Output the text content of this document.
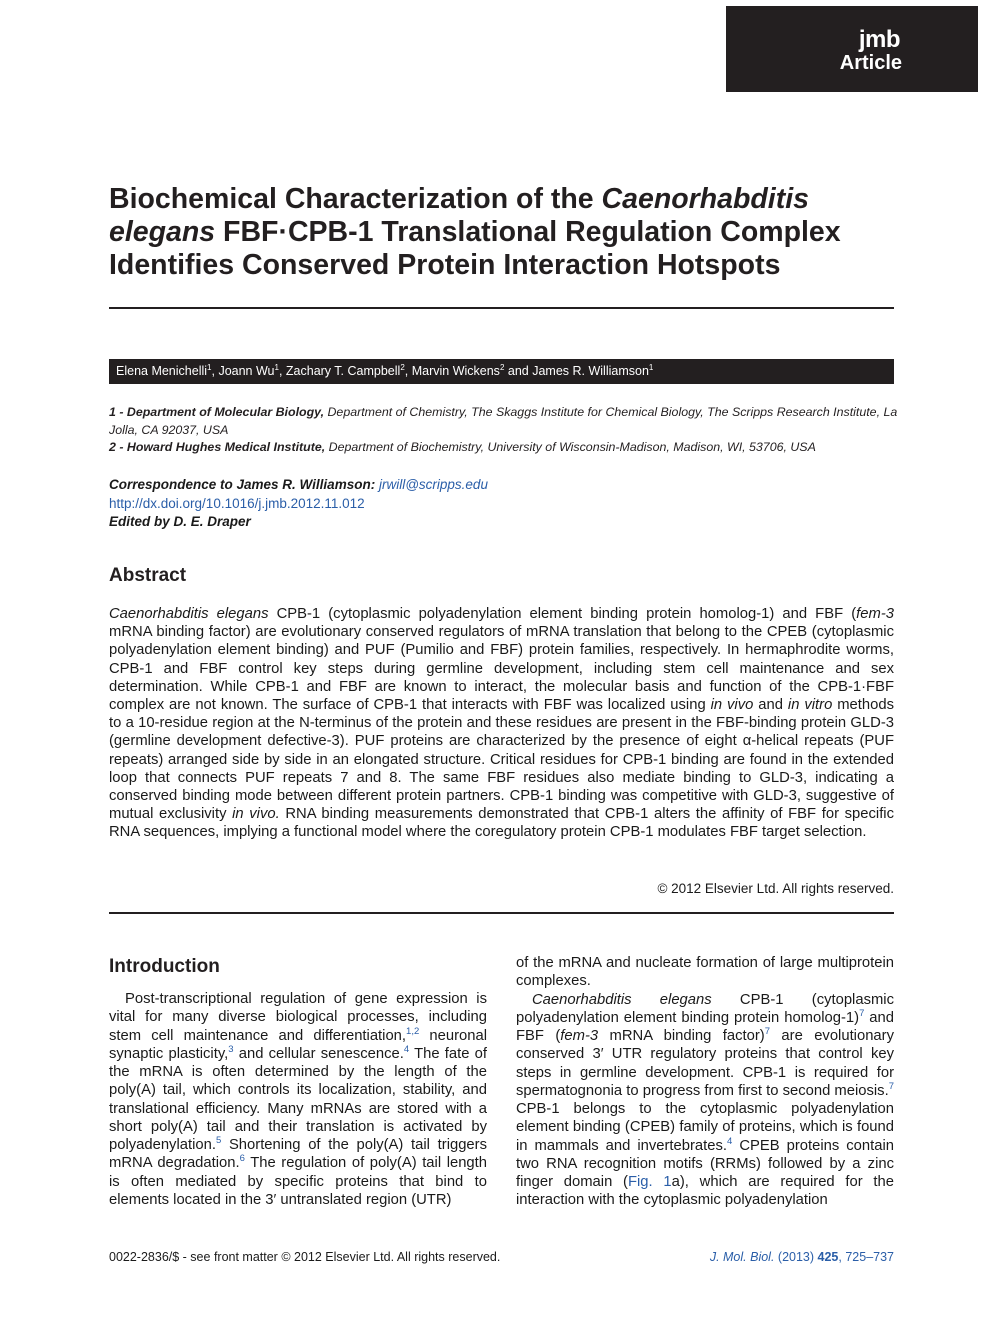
jmb
Article
Biochemical Characterization of the Caenorhabditis elegans FBF·CPB-1 Translational Regulation Complex Identifies Conserved Protein Interaction Hotspots
Elena Menichelli$^1$, Joann Wu$^1$, Zachary T. Campbell$^2$, Marvin Wickens$^2$ and James R. Williamson$^1$
1 - Department of Molecular Biology, Department of Chemistry, The Skaggs Institute for Chemical Biology, The Scripps Research Institute, La Jolla, CA 92037, USA
2 - Howard Hughes Medical Institute, Department of Biochemistry, University of Wisconsin-Madison, Madison, WI, 53706, USA
Correspondence to James R. Williamson: jrwill@scripps.edu
http://dx.doi.org/10.1016/j.jmb.2012.11.012
Edited by D. E. Draper
Abstract

Caenorhabditis elegans CPB-1 (cytoplasmic polyadenylation element binding protein homolog-1) and FBF (fem-3 mRNA binding factor) are evolutionary conserved regulators of mRNA translation that belong to the CPEB (cytoplasmic polyadenylation element binding) and PUF (Pumilio and FBF) protein families, respectively. In hermaphrodite worms, CPB-1 and FBF control key steps during germline development, including stem cell maintenance and sex determination. While CPB-1 and FBF are known to interact, the molecular basis and function of the CPB-1·FBF complex are not known. The surface of CPB-1 that interacts with FBF was localized using in vivo and in vitro methods to a 10-residue region at the N-terminus of the protein and these residues are present in the FBF-binding protein GLD-3 (germline development defective-3). PUF proteins are characterized by the presence of eight α-helical repeats (PUF repeats) arranged side by side in an elongated structure. Critical residues for CPB-1 binding are found in the extended loop that connects PUF repeats 7 and 8. The same FBF residues also mediate binding to GLD-3, indicating a conserved binding mode between different protein partners. CPB-1 binding was competitive with GLD-3, suggestive of mutual exclusivity in vivo. RNA binding measurements demonstrated that CPB-1 alters the affinity of FBF for specific RNA sequences, implying a functional model where the coregulatory protein CPB-1 modulates FBF target selection.

© 2012 Elsevier Ltd. All rights reserved.
Introduction

Post-transcriptional regulation of gene expression is vital for many diverse biological processes, including stem cell maintenance and differentiation,$^{1,2}$ neuronal synaptic plasticity,$^3$ and cellular senescence.$^4$ The fate of the mRNA is often determined by the length of the poly(A) tail, which controls its localization, stability, and translational efficiency. Many mRNAs are stored with a short poly(A) tail and their translation is activated by polyadenylation.$^5$ Shortening of the poly(A) tail triggers mRNA degradation.$^6$ The regulation of poly(A) tail length is often mediated by specific proteins that bind to elements located in the 3′ untranslated region (UTR)

of the mRNA and nucleate formation of large multiprotein complexes.

Caenorhabditis elegans CPB-1 (cytoplasmic polyadenylation element binding protein homolog-1)$^7$ and FBF (fem-3 mRNA binding factor)$^7$ are evolutionary conserved 3′ UTR regulatory proteins that control key steps in germline development. CPB-1 is required for spermatognonia to progress from first to second meiosis.$^7$ CPB-1 belongs to the cytoplasmic polyadenylation element binding (CPEB) family of proteins, which is found in mammals and invertebrates.$^4$ CPEB proteins contain two RNA recognition motifs (RRMs) followed by a zinc finger domain (Fig. 1a), which are required for the interaction with the cytoplasmic polyadenylation

0022-2836/$ - see front matter © 2012 Elsevier Ltd. All rights reserved.	J. Mol. Biol. (2013) 425, 725–737
